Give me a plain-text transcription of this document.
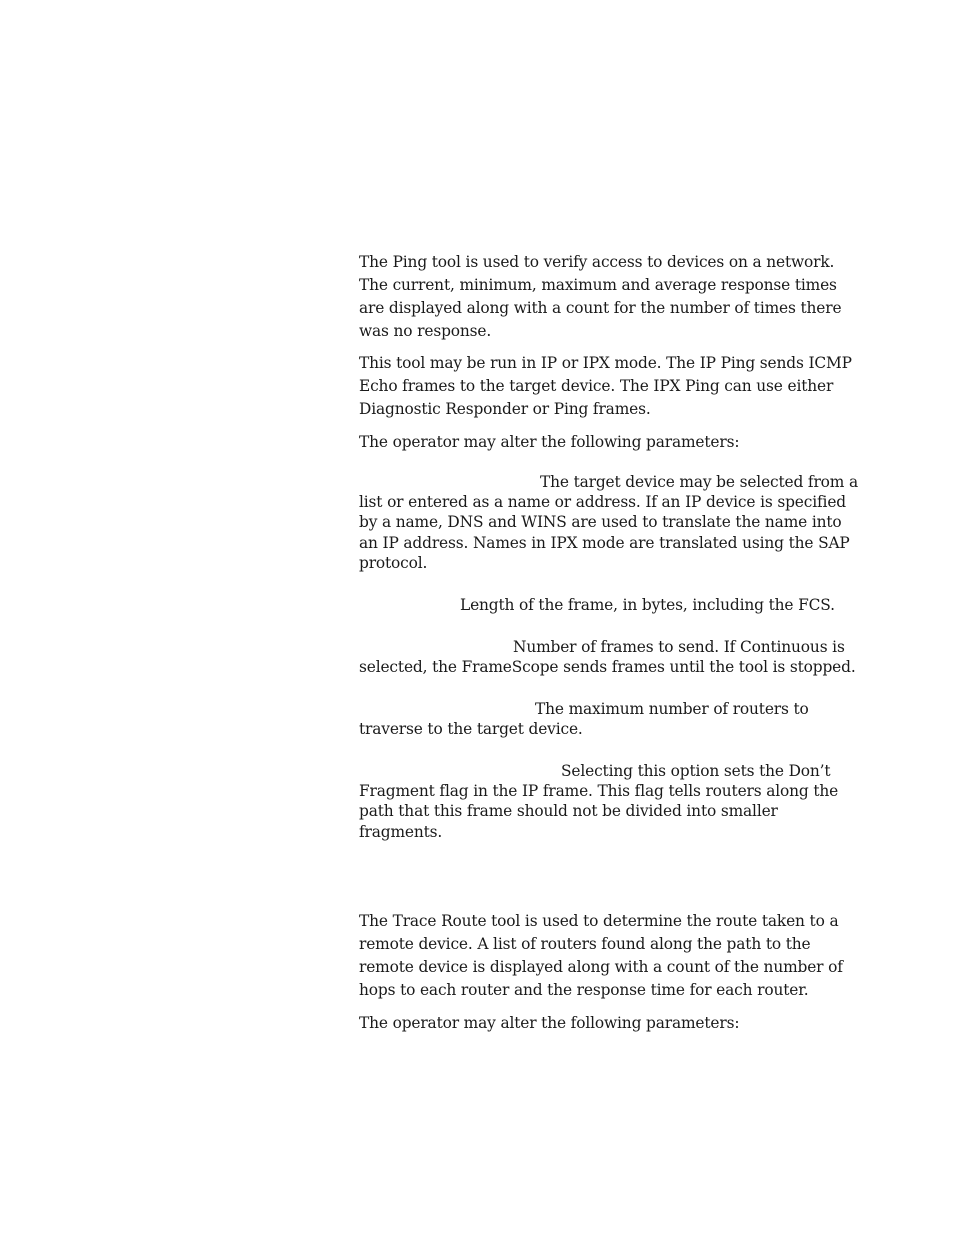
The Ping tool is used to verify access to devices on a network. The current, minimum, maximum and average response times are displayed along with a count for the number of times there was no response.

This tool may be run in IP or IPX mode. The IP Ping sends ICMP Echo frames to the target device. The IPX Ping can use either Diagnostic Responder or Ping frames.

The operator may alter the following parameters:

The target device may be selected from a list or entered as a name or address. If an IP device is specified by a name, DNS and WINS are used to translate the name into an IP address. Names in IPX mode are translated using the SAP protocol.

Length of the frame, in bytes, including the FCS.

Number of frames to send. If Continuous is selected, the FrameScope sends frames until the tool is stopped.

The maximum number of routers to traverse to the target device.

Selecting this option sets the Don’t Fragment flag in the IP frame. This flag tells routers along the path that this frame should not be divided into smaller fragments.

The Trace Route tool is used to determine the route taken to a remote device. A list of routers found along the path to the remote device is displayed along with a count of the number of hops to each router and the response time for each router.

The operator may alter the following parameters:
